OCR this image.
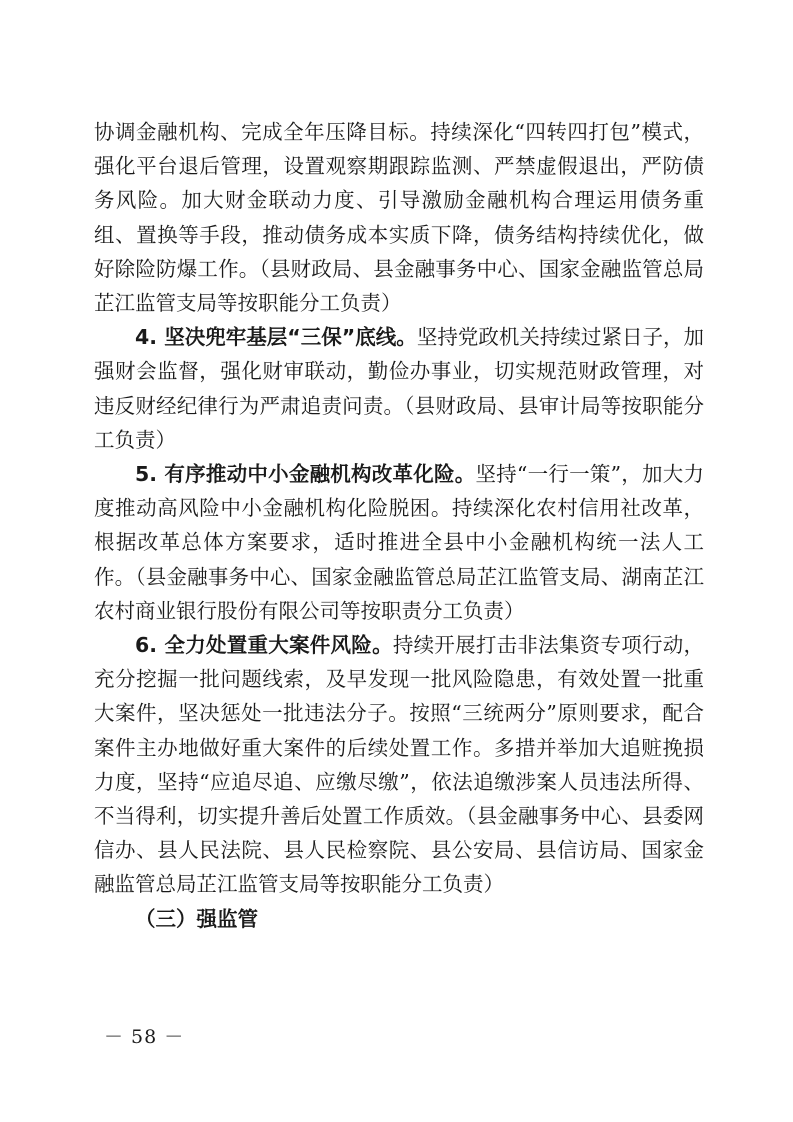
协调金融机构、完成全年压降目标。持续深化“四转四打包”模式，强化平台退后管理，设置观察期跟踪监测、严禁虚假退出，严防债务风险。加大财金联动力度、引导激励金融机构合理运用债务重组、置换等手段，推动债务成本实质下降，债务结构持续优化，做好除险防爆工作。（县财政局、县金融事务中心、国家金融监管总局芷江监管支局等按职能分工负责）

4. 坚决兜牢基层“三保”底线。坚持党政机关持续过紧日子，加强财会监督，强化财审联动，勤俭办事业，切实规范财政管理，对违反财经纪律行为严肃追责问责。（县财政局、县审计局等按职能分工负责）

5. 有序推动中小金融机构改革化险。坚持“一行一策”，加大力度推动高风险中小金融机构化险脱困。持续深化农村信用社改革，根据改革总体方案要求，适时推进全县中小金融机构统一法人工作。（县金融事务中心、国家金融监管总局芷江监管支局、湖南芷江农村商业银行股份有限公司等按职责分工负责）

6. 全力处置重大案件风险。持续开展打击非法集资专项行动，充分挖掘一批问题线索，及早发现一批风险隐患，有效处置一批重大案件，坚决惩处一批违法分子。按照“三统两分”原则要求，配合案件主办地做好重大案件的后续处置工作。多措并举加大追赃挽损力度，坚持“应追尽追、应缴尽缴”，依法追缴涉案人员违法所得、不当得利，切实提升善后处置工作质效。（县金融事务中心、县委网信办、县人民法院、县人民检察院、县公安局、县信访局、国家金融监管总局芷江监管支局等按职能分工负责）

（三）强监管

－ 58 －
